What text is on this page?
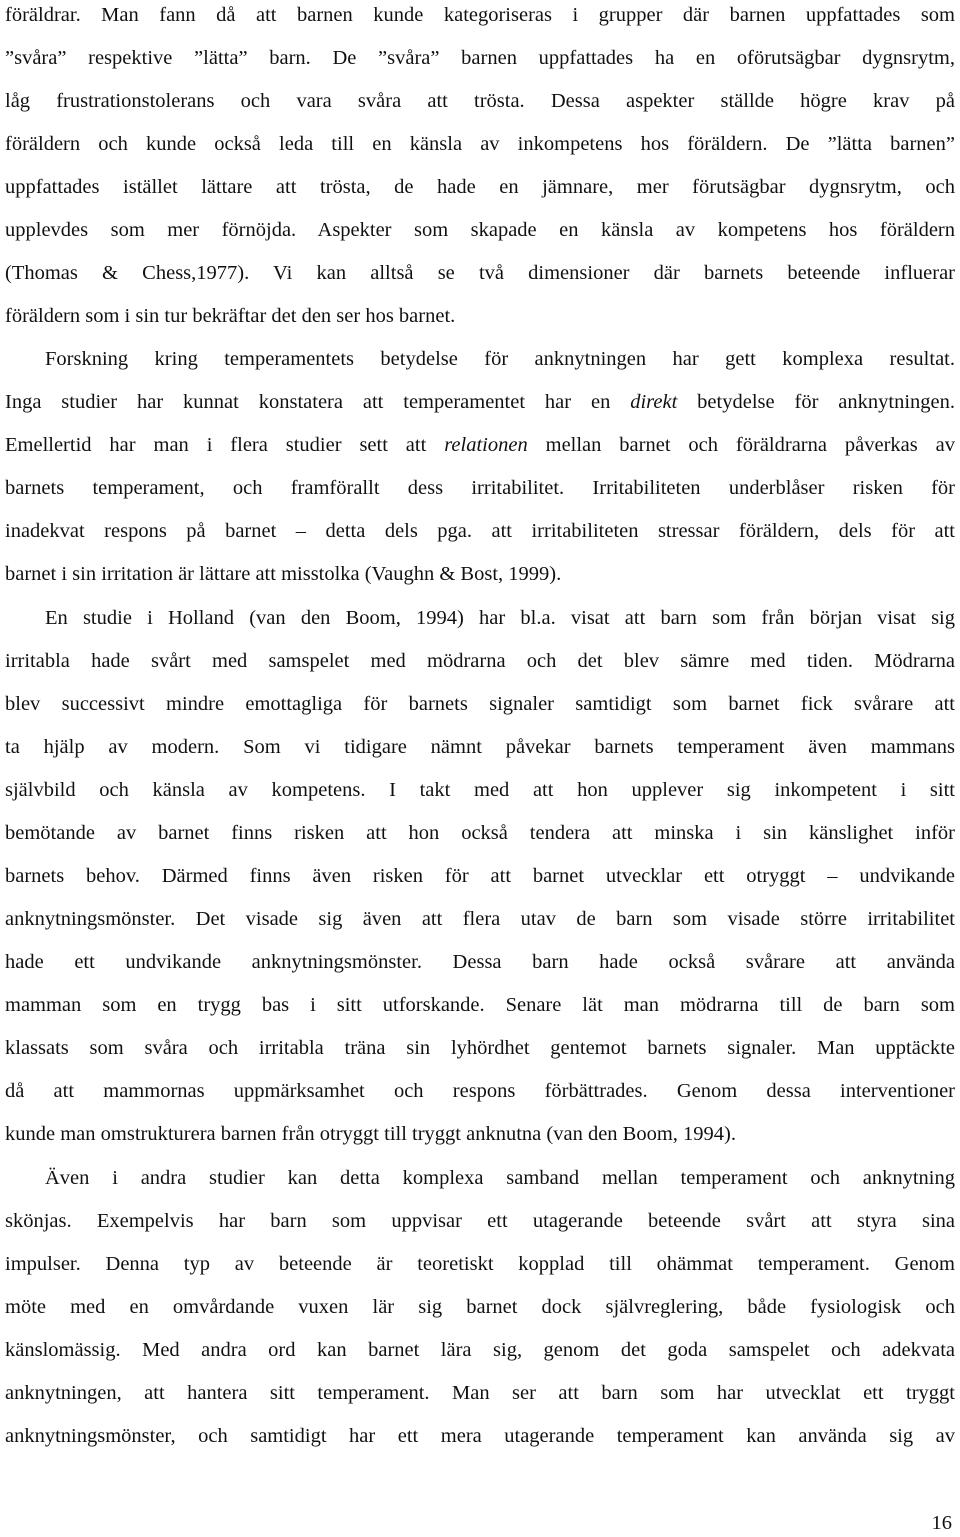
föräldrar. Man fann då att barnen kunde kategoriseras i grupper där barnen uppfattades som
”svåra” respektive ”lätta” barn. De ”svåra” barnen uppfattades ha en oförutsägbar dygnsrytm,
låg frustrationstolerans och vara svåra att trösta. Dessa aspekter ställde högre krav på
föräldern och kunde också leda till en känsla av inkompetens hos föräldern. De ”lätta barnen”
uppfattades istället lättare att trösta, de hade en jämnare, mer förutsägbar dygnsrytm, och
upplevdes som mer förnöjda. Aspekter som skapade en känsla av kompetens hos föräldern
(Thomas & Chess,1977). Vi kan alltså se två dimensioner där barnets beteende influerar
föräldern som i sin tur bekräftar det den ser hos barnet.
Forskning kring temperamentets betydelse för anknytningen har gett komplexa resultat.
Inga studier har kunnat konstatera att temperamentet har en direkt betydelse för anknytningen.
Emellertid har man i flera studier sett att relationen mellan barnet och föräldrarna påverkas av
barnets temperament, och framförallt dess irritabilitet. Irritabiliteten underblåser risken för
inadekvat respons på barnet – detta dels pga. att irritabiliteten stressar föräldern, dels för att
barnet i sin irritation är lättare att misstolka (Vaughn & Bost, 1999).
En studie i Holland (van den Boom, 1994) har bl.a. visat att barn som från början visat sig
irritabla hade svårt med samspelet med mödrarna och det blev sämre med tiden. Mödrarna
blev successivt mindre emottagliga för barnets signaler samtidigt som barnet fick svårare att
ta hjälp av modern. Som vi tidigare nämnt påvekar barnets temperament även mammans
självbild och känsla av kompetens. I takt med att hon upplever sig inkompetent i sitt
bemötande av barnet finns risken att hon också tendera att minska i sin känslighet inför
barnets behov. Därmed finns även risken för att barnet utvecklar ett otryggt – undvikande
anknytningsmönster. Det visade sig även att flera utav de barn som visade större irritabilitet
hade ett undvikande anknytningsmönster. Dessa barn hade också svårare att använda
mamman som en trygg bas i sitt utforskande. Senare lät man mödrarna till de barn som
klassats som svåra och irritabla träna sin lyhördhet gentemot barnets signaler. Man upptäckte
då att mammornas uppmärksamhet och respons förbättrades. Genom dessa interventioner
kunde man omstrukturera barnen från otryggt till tryggt anknutna (van den Boom, 1994).
Även i andra studier kan detta komplexa samband mellan temperament och anknytning
skönjas. Exempelvis har barn som uppvisar ett utagerande beteende svårt att styra sina
impulser. Denna typ av beteende är teoretiskt kopplad till ohämmat temperament. Genom
möte med en omvårdande vuxen lär sig barnet dock självreglering, både fysiologisk och
känslomässig. Med andra ord kan barnet lära sig, genom det goda samspelet och adekvata
anknytningen, att hantera sitt temperament. Man ser att barn som har utvecklat ett tryggt
anknytningsmönster, och samtidigt har ett mera utagerande temperament kan använda sig av
16
